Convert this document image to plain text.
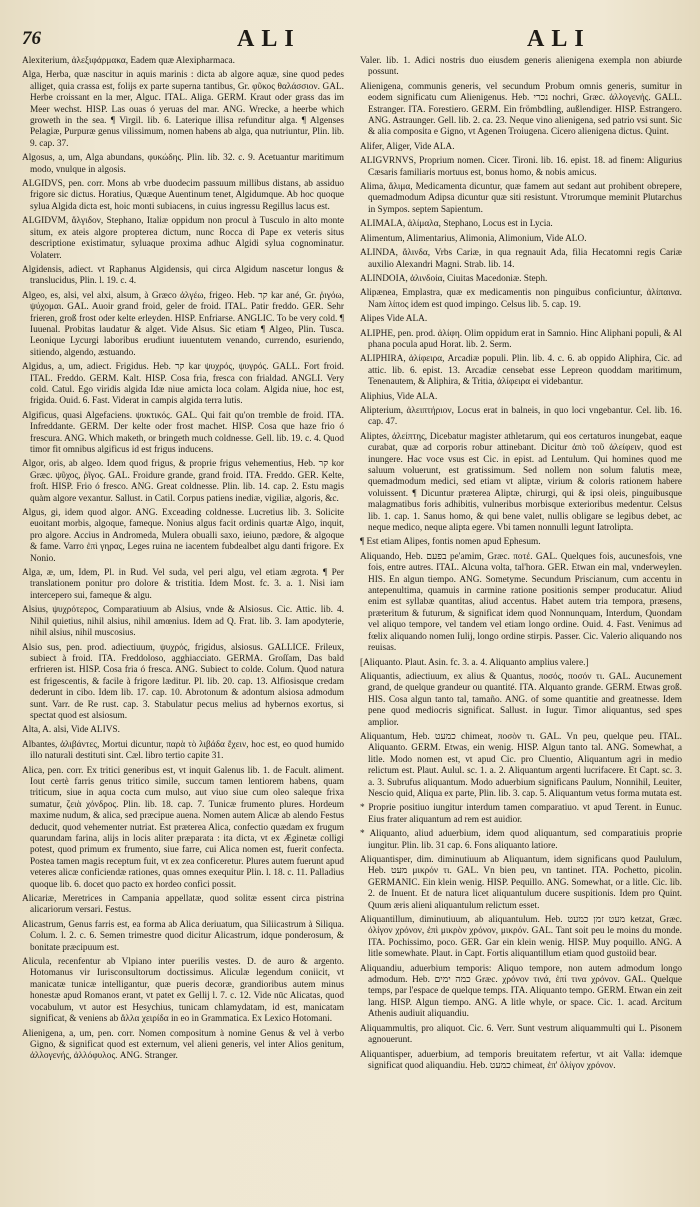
76	ALI	ALI

Alexiterium, ἀλεξιφάρμακα, Eadem quæ Alexipharmaca.

Alga, Herba, quæ nascitur in aquis marinis : dicta ab algore aquæ, sine quod pedes alliget, quia crassa est, folijs ex parte superna tantibus, Gr. φῦκος θαλάσσιον. GAL. Herbe croissant en la mer, Alguc. ITAL. Aliga. GERM. Kraut oder grass das im Meer wechst. HISP. Las ouas ó yeruas del mar. ANG. Wrecke, a heerbe which groweth in the sea. ¶ Virgil. lib. 6. Laterique illisa refunditur alga. ¶ Algenses Pelagiæ, Purpuræ genus vilissimum, nomen habens ab alga, qua nutriuntur, Plin. lib. 9. cap. 37.

Algosus, a, um, Alga abundans, φυκώδης. Plin. lib. 32. c. 9. Acetuantur maritimum modo, vnulque in algosis.

ALGIDVS, pen. corr. Mons ab vrbe duodecim passuum millibus distans, ab assiduo frigore sic dictus. Horatius, Quæque Auentinum tenet, Algidumque. Ab hoc quoque sylua Algida dicta est, hoic monti subiacens, in cuius ingressu Regillus lacus est.

ALGIDVM, ἄλγιδον, Stephano, Italiæ oppidum non procul à Tusculo in alto monte situm, ex ateis algore propterea dictum, nunc Rocca di Pape ex veteris situs descriptione existimatur, syluaque proxima adhuc Algidi sylua cognominatur. Volaterr.

Algidensis, adiect. vt Raphanus Algidensis, qui circa Algidum nascetur longus & translucidus, Plin. l. 19. c. 4.

Algeo, es, alsi, vel alxi, alsum, à Græco ἀλγέω, frigeo. Heb. קר kar ané, Gr. ῥιγόω, ψύχομαι. GAL. Auoir grand froid, geler de froid. ITAL. Patir freddo. GER. Sehr frieren, groß frost oder kelte erleyden. HISP. Enfriarse. ANGLIC. To be very cold. ¶ Iuuenal. Probitas laudatur & alget. Vide Alsus. Sic etiam ¶ Algeo, Plin. Tusca. Leonique Lycurgi laboribus erudiunt iuuentutem venando, currendo, esuriendo, sitiendo, algendo, æstuando.

Algidus, a, um, adiect. Frigidus. Heb. קר kar ψυχρός, ψυγρός. GALL. Fort froid. ITAL. Freddo. GERM. Kalt. HISP. Cosa fria, fresca con frialdad. ANGLI. Very cold. Catul. Ego viridis algida Idæ niue amicta loca colam. Algida niue, hoc est, frigida. Ouid. 6. Fast. Viderat in campis algida terra lutis.

Algificus, quasi Algefaciens. ψυκτικός. GAL. Qui fait qu'on tremble de froid. ITA. Infreddante. GERM. Der kelte oder frost machet. HISP. Cosa que haze frio ó frescura. ANG. Which maketh, or bringeth much coldnesse. Gell. lib. 19. c. 4. Quod timor fit omnibus algificus id est frigus inducens.

Algor, oris, ab algeo. Idem quod frigus, & proprie frigus vehementius, Heb. קר kor Græc. ψῦχος, ῥῖγος. GAL. Froidure grande, grand froid. ITA. Freddo. GER. Kelte, froſt. HISP. Frio ó fresco. ANG. Great coldnesse. Plin. lib. 14. cap. 2. Estu magis quàm algore vexantur. Sallust. in Catil. Corpus patiens inediæ, vigiliæ, algoris, &c.

Algus, gi, idem quod algor. ANG. Exceading coldnesse. Lucretius lib. 3. Solicite euoitant morbis, algoque, fameque. Nonius algus facit ordinis quartæ Algo, inquit, pro algore. Accius in Andromeda, Mulera obualli saxo, ieiuno, pædore, & algoque & fame. Varro ἐπὶ γηρας, Leges ruina ne iacentem fubdealbet algu danti frigore. Ex Nonio.

Alga, æ, um, Idem, Pl. in Rud. Vel suda, vel peri algu, vel etiam ægrota. ¶ Per translationem ponitur pro dolore & tristitia. Idem Most. fc. 3. a. 1. Nisi iam intercepero sui, fameque & algu.

Alsius, ψυχρότερος, Comparatiuum ab Alsius, vnde & Alsiosus. Cic. Attic. lib. 4. Nihil quietius, nihil alsius, nihil amœnius. Idem ad Q. Frat. lib. 3. Iam apodyterie, nihil alsius, nihil muscosius.

Alsio sus, pen. prod. adiectiuum, ψυχρός, frigidus, alsiosus. GALLICE. Frileux, subiect à froid. ITA. Freddoloso, agghiacciato. GERMA. Groſſam, Das bald erfrieren ist. HISP. Cosa fria ó fresca. ANG. Subiect to colde. Colum. Quod natura est frigescentis, & facile à frigore læditur. Pl. lib. 20. cap. 13. Alfiosisque credam dederunt in cibo. Idem lib. 17. cap. 10. Abrotonum & adontum alsiosa admodum sunt. Varr. de Re rust. cap. 3. Stabulatur pecus melius ad hybernos exortus, si spectat quod est alsiosum.

Alta, A. alsi, Vide ALIVS.

Albantes, ἀλιβάντες, Mortui dicuntur, παρὰ τὸ λιβάδα ἔχειν, hoc est, eo quod humido illo naturali destituti sint. Cæl. libro tertio capite 31.

Alica, pen. corr. Ex tritici generibus est, vt inquit Galenus lib. 1. de Facult. aliment. Iout certè farris genus tritico simile, succum tamen lentiorem habens, quam triticum, siue in aqua cocta cum mulso, aut viuo siue cum oleo saleque frixa sumatur, ζειὰ χόνδρος. Plin. lib. 18. cap. 7. Tunicæ frumento plures. Hordeum maxime nudum, & alica, sed præcipue auena. Nomen autem Alicæ ab alendo Festus deducit, quod vehementer nutriat. Est præterea Alica, confectio quædam ex frugum quarundam farina, alijs in locis aliter præparata : ita dicta, vt ex Æginetæ colligi potest, quod primum ex frumento, siue farre, cui Alica nomen est, fuerit confecta. Postea tamen magis receptum fuit, vt ex zea conficeretur. Plures autem fuerunt apud veteres alicæ conficiendæ rationes, quas omnes exequitur Plin. l. 18. c. 11. Palladius quoque lib. 6. docet quo pacto ex hordeo confici possit.

Alicariæ, Meretrices in Campania appellatæ, quod solitæ essent circa pistrina alicariorum versari. Festus.

Alicastrum, Genus farris est, ea forma ab Alica deriuatum, qua Siliicastrum à Siliqua. Colum. l. 2. c. 6. Semen trimestre quod dicitur Alicastrum, idque ponderosum, & bonitate præcipuum est.

Alicula, recenfentur ab Vlpiano inter puerilis vestes. D. de auro & argento. Hotomanus vir Iurisconsultorum doctissimus. Aliculæ legendum coniicit, vt manicatæ tunicæ intelligantur, quæ pueris decoræ, grandioribus autem minus honestæ apud Romanos erant, vt patet ex Gellij l. 7. c. 12. Vide nūc Alicatas, quod vocabulum, vt autor est Hesychius, tunicam chlamydatam, id est, manicatam significat, & veniens ab ἄλλα χειρίδα in eo in Grammatica. Ex Lexico Hotomani.

Alienigena, a, um, pen. corr. Nomen compositum à nomine Genus & vel à verbo Gigno, & significat quod est externum, vel alieni generis, vel inter Alios genitum, ἀλλογενής, ἀλλόφυλος. ANG. Stranger.

Valer. lib. 1. Adici nostris duo eiusdem generis alienigena exempla non abiurde possunt.

Alienigena, communis generis, vel secundum Probum omnis generis, sumitur in eodem significatu cum Alienigenus. Heb. נכרי nochri, Græc. ἀλλογενής. GALL. Estranger. ITA. Forestiero. GERM. Ein frömbdling, außlendiger. HISP. Estrangero. ANG. Astraunger. Gell. lib. 2. ca. 23. Neque vino alienigena, sed patrio vsi sunt. Sic & alia composita e Gigno, vt Agenen Troiugena. Cicero alienigena dictus. Quint.

Alifer, Aliger, Vide ALA.

ALIGVRNVS, Proprium nomen. Cicer. Tironi. lib. 16. epist. 18. ad finem: Aligurius Cæsaris familiaris mortuus est, bonus homo, & nobis amicus.

Alima, ἄλιμα, Medicamenta dicuntur, quæ famem aut sedant aut prohibent obrepere, quemadmodum Adipsa dicuntur quæ siti resistunt. Vtrorumque meminit Plutarchus in Sympos. septem Sapientum.

ALIMALA, ἀλίμαλα, Stephano, Locus est in Lycia.

Alimentum, Alimentarius, Alimonia, Alimonium, Vide ALO.

ALINDA, ἄλινδα, Vrbs Cariæ, in qua regnauit Ada, filia Hecatomni regis Cariæ auxilio Alexandri Magni. Strab. lib. 14.

ALINDOIA, ἀλινδοία, Ciuitas Macedoniæ. Steph.

Alipænea, Emplastra, quæ ex medicamentis non pinguibus conficiuntur, ἀλίπαινα. Nam λίπος idem est quod impingo. Celsus lib. 5. cap. 19.

Alipes Vide ALA.

ALIPHE, pen. prod. ἀλίφη. Olim oppidum erat in Samnio. Hinc Aliphani populi, & Al phana pocula apud Horat. lib. 2. Serm.

ALIPHIRA, ἀλίφειρα, Arcadiæ populi. Plin. lib. 4. c. 6. ab oppido Aliphira, Cic. ad attic. lib. 6. epist. 13. Arcadiæ censebat esse Lepreon quoddam maritimum, Tenenautem, & Aliphira, & Tritia, ἀλίφειρα ei videbantur.

Aliphius, Vide ALA.

Alipterium, ἀλειπτήριον, Locus erat in balneis, in quo loci vngebantur. Cel. lib. 16. cap. 47.

Aliptes, ἀλείπτης, Dicebatur magister athletarum, qui eos certaturos inungebat, eaque curabat, quæ ad corporis robur attinebant. Dicitur ἀπὸ τοῦ ἀλείφειν, quod est inungere. Hac voce vsus est Cic. in epist. ad Lentulum. Qui homines quod me saluum voluerunt, est gratissimum. Sed nollem non solum falutis meæ, quemadmodum medici, sed etiam vt aliptæ, virium & coloris rationem habere voluissent. ¶ Dicuntur præterea Aliptæ, chirurgi, qui & ipsi oleis, pinguibusque malagmatibus foris adhibitis, vulneribus morbisque exterioribus medentur. Celsus lib. 1. cap. 1. Sanus homo, & qui bene valet, nullis obligare se legibus debet, ac neque medico, neque alipta egere. Vbi tamen nonnulli legunt Iatrolipta.

¶ Est etiam Alipes, fontis nomen apud Ephesum.

Aliquando, Heb. בפעם pe'amim, Græc. ποτέ. GAL. Quelques fois, aucunesfois, vne fois, entre autres. ITAL. Alcuna volta, tal'hora. GER. Etwan ein mal, vnderweylen. HIS. En algun tiempo. ANG. Sometyme. Secundum Priscianum, cum accentu in antepenultima, quamuis in carmine ratione positionis semper producatur. Aliud enim est syllabæ quantitas, aliud accentus. Habet autem tria tempora, præsens, præteritum & futurum, & significat idem quod Nonnunquam, Interdum, Quondam vel aliquo tempore, vel tandem vel etiam longo ordine. Ouid. 4. Fast. Venimus ad fœlix aliquando nomen Iulij, longo ordine stirpis. Passer. Cic. Valerio aliquando nos reuisas.

[Aliquanto. Plaut. Asin. fc. 3. a. 4. Aliquanto amplius valere.]

Aliquantis, adiectiuum, ex alius & Quantus, ποσός, ποσόν τι. GAL. Aucunement grand, de quelque grandeur ou quantité. ITA. Alquanto grande. GERM. Etwas groß. HIS. Cosa algun tanto tal, tamaño. ANG. of some quantitie and greatnesse. Idem pene quod mediocris significat. Sallust. in Iugur. Timor aliquantus, sed spes amplior.

Aliquantum, Heb. כמעט chimeat, ποσὸν τι. GAL. Vn peu, quelque peu. ITAL. Aliquanto. GERM. Etwas, ein wenig. HISP. Algun tanto tal. ANG. Somewhat, a litle. Modo nomen est, vt apud Cic. pro Cluentio, Aliquantum agri in medio relictum est. Plaut. Aulul. sc. 1. a. 2. Aliquantum argenti lucrifacere. Et Capt. sc. 3. a. 3. Subrufus aliquantum. Modo aduerbium significans Paulum, Nonnihil, Leuiter, Nescio quid, Aliqua ex parte, Plin. lib. 3. cap. 5. Aliquantum vetus forma mutata est.

* Proprie positiuo iungitur interdum tamen comparatiuo. vt apud Terent. in Eunuc. Eius frater aliquantum ad rem est auidior.

* Aliquanto, aliud aduerbium, idem quod aliquantum, sed comparatiuis proprie iungitur. Plin. lib. 31 cap. 6. Fons aliquanto latiore.

Aliquantisper, dim. diminutiuum ab Aliquantum, idem significans quod Paululum, Heb. מעט μικρόν τι. GAL. Vn bien peu, vn tantinet. ITA. Pochetto, picolin. GERMANIC. Ein klein wenig. HISP. Pequillo. ANG. Somewhat, or a litle. Cic. lib. 2. de Inuent. Et de natura licet aliquantulum ducere suspitionis. Idem pro Quint. Quum æris alieni aliquantulum relictum esset.

Aliquantillum, diminutiuum, ab aliquantulum. Heb. מעט זמן כמעט ketzat, Græc. ὀλίγον χρόνον, ἐπὶ μικρὸν χρόνον, μικρόν. GAL. Tant soit peu le moins du monde. ITA. Pochissimo, poco. GER. Gar ein klein wenig. HISP. Muy poquillo. ANG. A litle somewhate. Plaut. in Capt. Fortis aliquantillum etiam quod gustoiid bear.

Aliquandiu, aduerbium temporis: Aliquo tempore, non autem admodum longo admodum. Heb. כמה ימים Græc. χρόνον τινά, ἐπί τινα χρόνον. GAL. Quelque temps, par l'espace de quelque temps. ITA. Aliquanto tempo. GERM. Etwan ein zeit lang. HISP. Algun tiempo. ANG. A litle whyle, or space. Cic. 1. acad. Arcitum Athenis audiuit aliquandiu.

Aliquammultis, pro aliquot. Cic. 6. Verr. Sunt vestrum aliquammulti qui L. Pisonem agnouerunt.

Aliquantisper, aduerbium, ad temporis breuitatem refertur, vt ait Valla: idemque significat quod aliquandiu. Heb. כמעט chimeat, ἐπ' ὀλίγον χρόνον.
